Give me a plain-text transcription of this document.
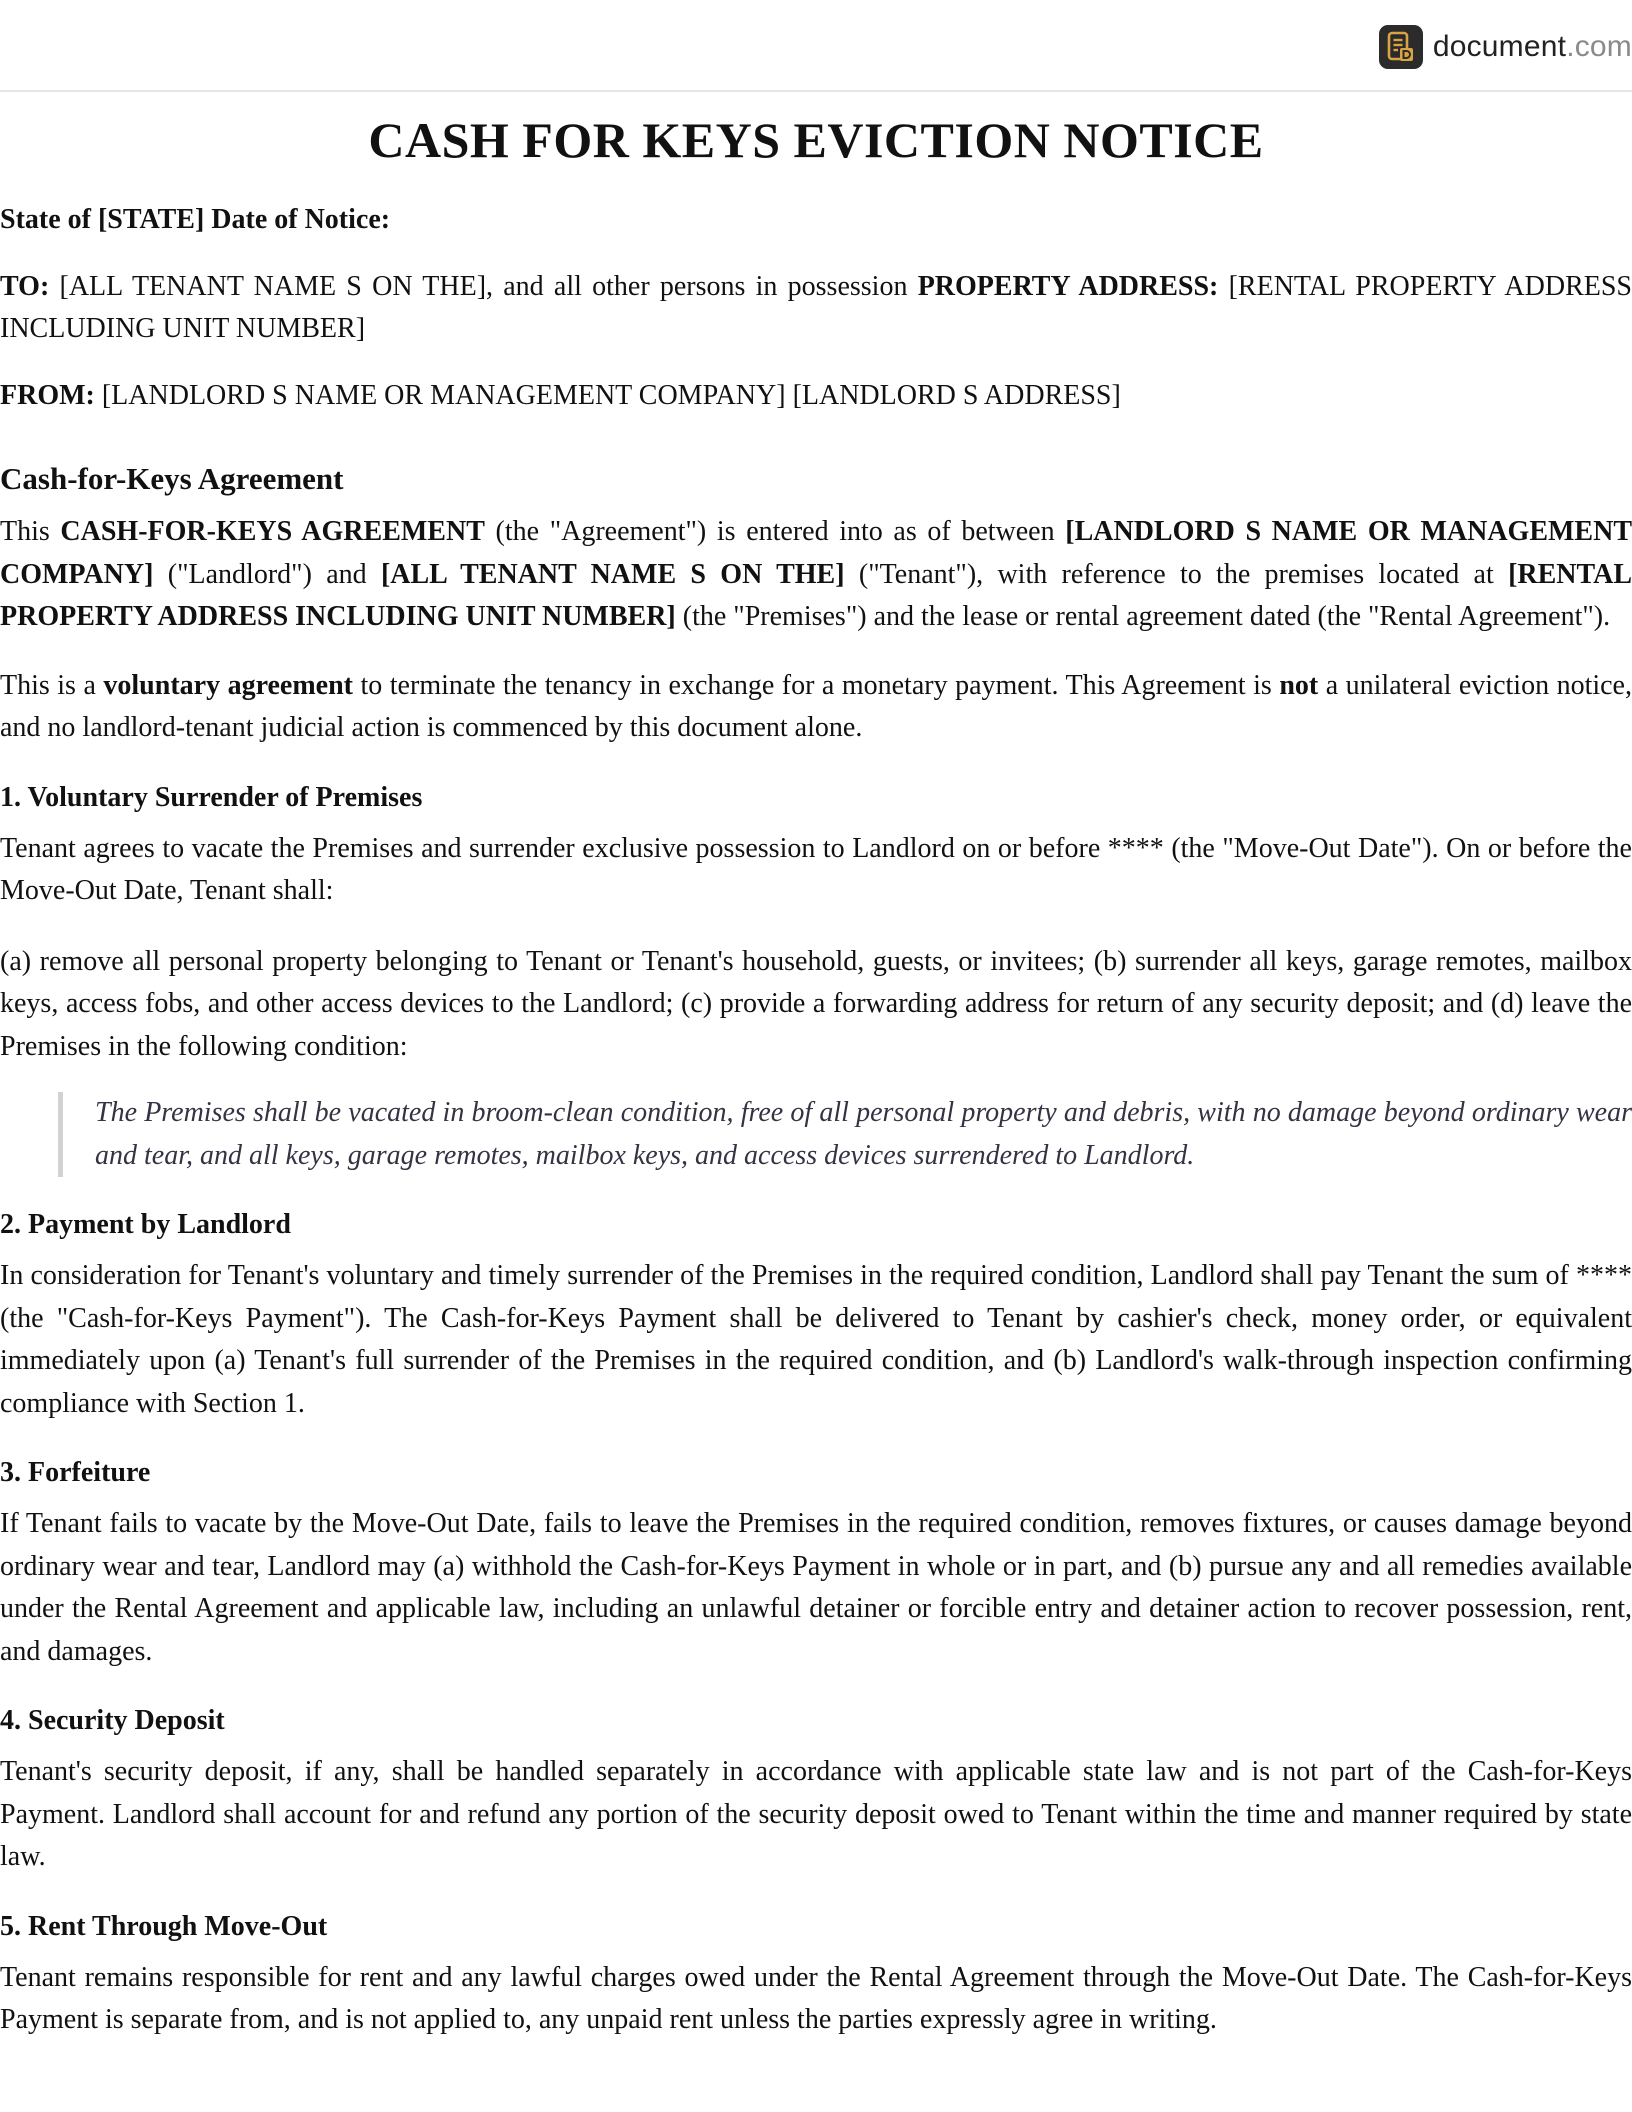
document.com
CASH FOR KEYS EVICTION NOTICE

State of [STATE] Date of Notice:

TO: [ALL TENANT NAME S ON THE], and all other persons in possession PROPERTY ADDRESS: [RENTAL PROPERTY ADDRESS INCLUDING UNIT NUMBER]

FROM: [LANDLORD S NAME OR MANAGEMENT COMPANY] [LANDLORD S ADDRESS]

Cash-for-Keys Agreement

This CASH-FOR-KEYS AGREEMENT (the "Agreement") is entered into as of between [LANDLORD S NAME OR MANAGEMENT COMPANY] ("Landlord") and [ALL TENANT NAME S ON THE] ("Tenant"), with reference to the premises located at [RENTAL PROPERTY ADDRESS INCLUDING UNIT NUMBER] (the "Premises") and the lease or rental agreement dated (the "Rental Agreement").

This is a voluntary agreement to terminate the tenancy in exchange for a monetary payment. This Agreement is not a unilateral eviction notice, and no landlord-tenant judicial action is commenced by this document alone.

1. Voluntary Surrender of Premises

Tenant agrees to vacate the Premises and surrender exclusive possession to Landlord on or before **** (the "Move-Out Date"). On or before the Move-Out Date, Tenant shall:

(a) remove all personal property belonging to Tenant or Tenant's household, guests, or invitees; (b) surrender all keys, garage remotes, mailbox keys, access fobs, and other access devices to the Landlord; (c) provide a forwarding address for return of any security deposit; and (d) leave the Premises in the following condition:

The Premises shall be vacated in broom-clean condition, free of all personal property and debris, with no damage beyond ordinary wear and tear, and all keys, garage remotes, mailbox keys, and access devices surrendered to Landlord.
2. Payment by Landlord

In consideration for Tenant's voluntary and timely surrender of the Premises in the required condition, Landlord shall pay Tenant the sum of **** (the "Cash-for-Keys Payment"). The Cash-for-Keys Payment shall be delivered to Tenant by cashier's check, money order, or equivalent immediately upon (a) Tenant's full surrender of the Premises in the required condition, and (b) Landlord's walk-through inspection confirming compliance with Section 1.

3. Forfeiture

If Tenant fails to vacate by the Move-Out Date, fails to leave the Premises in the required condition, removes fixtures, or causes damage beyond ordinary wear and tear, Landlord may (a) withhold the Cash-for-Keys Payment in whole or in part, and (b) pursue any and all remedies available under the Rental Agreement and applicable law, including an unlawful detainer or forcible entry and detainer action to recover possession, rent, and damages.

4. Security Deposit

Tenant's security deposit, if any, shall be handled separately in accordance with applicable state law and is not part of the Cash-for-Keys Payment. Landlord shall account for and refund any portion of the security deposit owed to Tenant within the time and manner required by state law.

5. Rent Through Move-Out

Tenant remains responsible for rent and any lawful charges owed under the Rental Agreement through the Move-Out Date. The Cash-for-Keys Payment is separate from, and is not applied to, any unpaid rent unless the parties expressly agree in writing.
